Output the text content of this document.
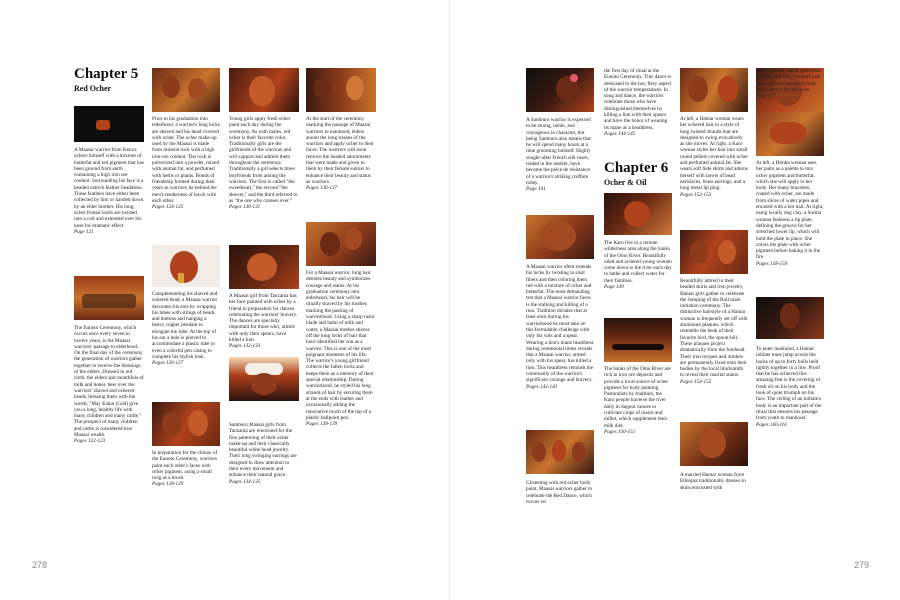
Chapter 5
Red Ocher
A Maasai warrior from Kenya ochers himself with a mixture of butterfat and red pigment that has been ground from earth containing a high iron ore content. Surrounding his face is a beaded ostrich feather headdress. These feathers have either been collected by him or handed down by an elder brother. His long, ocher frontal locks are twisted into a coil and extended over his nose for dramatic effect.
Page 121
Prior to his graduation into elderhood, a warrior's long locks are shaved and his head covered with ocher. The ocher make-up used by the Maasai is made from mineral rock with a high iron-ore content. The rock is pulverized into a powder, mixed with animal fat, and perfumed with herbs or plants. Bonds of friendship formed during their years as warriors lie behind the men's tenderness of touch with each other.
Pages 124-125
Young girls apply fresh ocher paint each day during the ceremony. As with males, red ocher is their favorite color. Traditionally girls are the girlfriends of the warriors and will support and admire them throughout the ceremony. Traditionally a girl selects three boyfriends from among the warriors. The first is called "the sweetheart," the second "the skewer," and the third referred to as "the one who crosses over."
Pages 130-131
At the start of the ceremony marking the passage of Maasai warriors to manhood, elders anoint the long tresses of the warriors and apply ocher to their faces. The warriors will soon remove the beaded adornments that were made and given to them by their female suitors to enhance their beauty and status as warriors.
Pages 136-137
Complementing his shaved and ochered head, a Maasai warrior decorates his ears by wrapping his lobes with strings of beads and buttons and hanging a heavy copper pendant to elongate the lobe. At the top of his ear a hole is pierced to accommodate a plastic tube or even a colorful pen casing to complete his stylish look.
Pages 126-127
A Maasai girl from Tanzania has her face painted with ocher by a friend in preparation for dances celebrating the warriors' bravery. The dances are specially important for those who, armed with only their spears, have killed a lion.
Pages 132-133
For a Maasai warrior, long hair denotes beauty and symbolizes courage and status. At his graduation ceremony into elderhood, his hair will be ritually shaved by his mother, marking the passing of warriorhood. Using a sharp razor blade and balm of milk and water, a Maasai mother shaves off the long locks of hair that have identified her son as a warrior. This is one of the most poignant moments of his life. The warrior's young girlfriend collects the fallen locks and keeps them as a memory of their special relationship. During warriorhood, he styled his long strands of hair by securing them at the ends with leather and occasionally adding the innovative touch of the top of a plastic ballpoint pen.
Pages 138-139
The Eunoto Ceremony, which occurs once every seven to twelve years, is the Maasai warriors' passage to elderhood. On the final day of the ceremony the generation of warriors gather together to receive the blessings of the elders. Dressed in red cloth, the elders spit mouthfuls of milk and honey beer over the warriors' shaved and ochered heads, blessing them with the words, "May Enkai (God) give you a long, healthy life with many children and many cattle." The prospect of many children and cattle is considered true Maasai wealth.
Pages 122-123
In preparation for the climax of the Eunoto Ceremony, warriors paint each other's faces with ocher pigment, using a small twig as a brush.
Pages 128-129
Samburu Maasai girls from Tanzania are renowned for the fine patterning of their ocher make-up and their classically beautiful white bead jewelry. Their long swinging earrings are designed to draw attention to their every movement and enhance their natural grace.
Pages 134-135
278
Chapter 6
Ocher & Oil
A Samburu warrior is expected to be strong, noble, and courageous in character, but being Samburu also means that he will spend many hours at a time grooming himself. Highly sought-after French silk roses, traded in the market, have become the pièce de résistance of a warrior's striking coiffure today.
Page 141
the first day of ritual at the Eunoto Ceremony. This dance is dedicated to the hot, fiery aspect of the warrior temperament. In song and dance, the warriors celebrate those who have distinguished themselves by killing a lion with their spears and have the honor of wearing its mane as a headdress.
Pages 144-145
At left, a Hamar woman wears her ochered hair in a style of long twisted strands that are designed to swing evocatively as she moves. At right, a Karo woman styles her hair into small round pellets covered with ocher and perfumed animal fat. She wears soft hide skirts and adorns herself with layers of bead necklaces, brass earrings, and a long metal lip plug.
Pages 152-153
cowrie shells, which symbolize fertility. Her hair, covered with fat, is rubbed into small balls and coated with red ocher.
Page 157
At left, a Himba woman uses her palm as a palette to mix ocher pigment and butterfat, which she will apply to her body. Her many bracelets, coated with ocher, are made from slices of water pipes and encased with a hot nail. At right, using locally dug clay, a Surma woman fashions a lip plate, defining the groove for her stretched lower lip, which will hold the plate in place. She colors the plate with ocher pigment before baking it in the fire.
Pages 158-159
A Maasai warrior often extends his locks by twisting in sisal fibers and then coloring them red with a mixture of ocher and butterfat. The most demanding test that a Maasai warrior faces is the stalking and killing of a lion. Tradition dictates that at least once during his warriorhood he must take on this formidable challenge with only his wits and a spear. Wearing a lion's mane headdress during ceremonial times reveals that a Maasai warrior, armed only with his spear, has killed a lion. This headdress reminds the community of the warrior's significant courage and bravery.
Pages 142-143
The Karo live in a remote wilderness area along the banks of the Omo River. Beautifully oiled and ochered young women come down to the river each day to bathe and collect water for their families.
Page 149
Beautifully attired in their beaded skirts and iron jewelry, Hamar girls gather to celebrate the Jumping of the Bull male initiation ceremony. The distinctive hairstyle of a Hamar woman is frequently set off with aluminum plaques, which resemble the beak of their favorite bird, the spoon-bill. These plaques project dramatically from the forehead. Their iron torques and armlets are permanently fixed onto their bodies by the local blacksmith to reveal their marital status.
Pages 154-155
The banks of the Omo River are rich in iron ore deposits and provide a local source of ocher pigment for body painting. Pastoralists by tradition, the Karo people traverse the river daily in dugout canoes to cultivate crops of maize and millet, which supplement their milk diet.
Pages 150-151
To enter manhood, a Hamar initiate must jump across the backs of up to forty bulls held tightly together in a line. Proof that he has achieved this amazing feat is the covering of fresh oil on his body and the look of quiet triumph on his face. The ceiling of an initiate's body is an important part of the ritual that ensures his passage from youth to manhood.
Pages 160-161
Glistening with red ocher body paint, Maasai warriors gather to celebrate the Red Dance, which occurs on
A married Hamar woman from Ethiopia traditionally dresses in skins encrusted with
279
